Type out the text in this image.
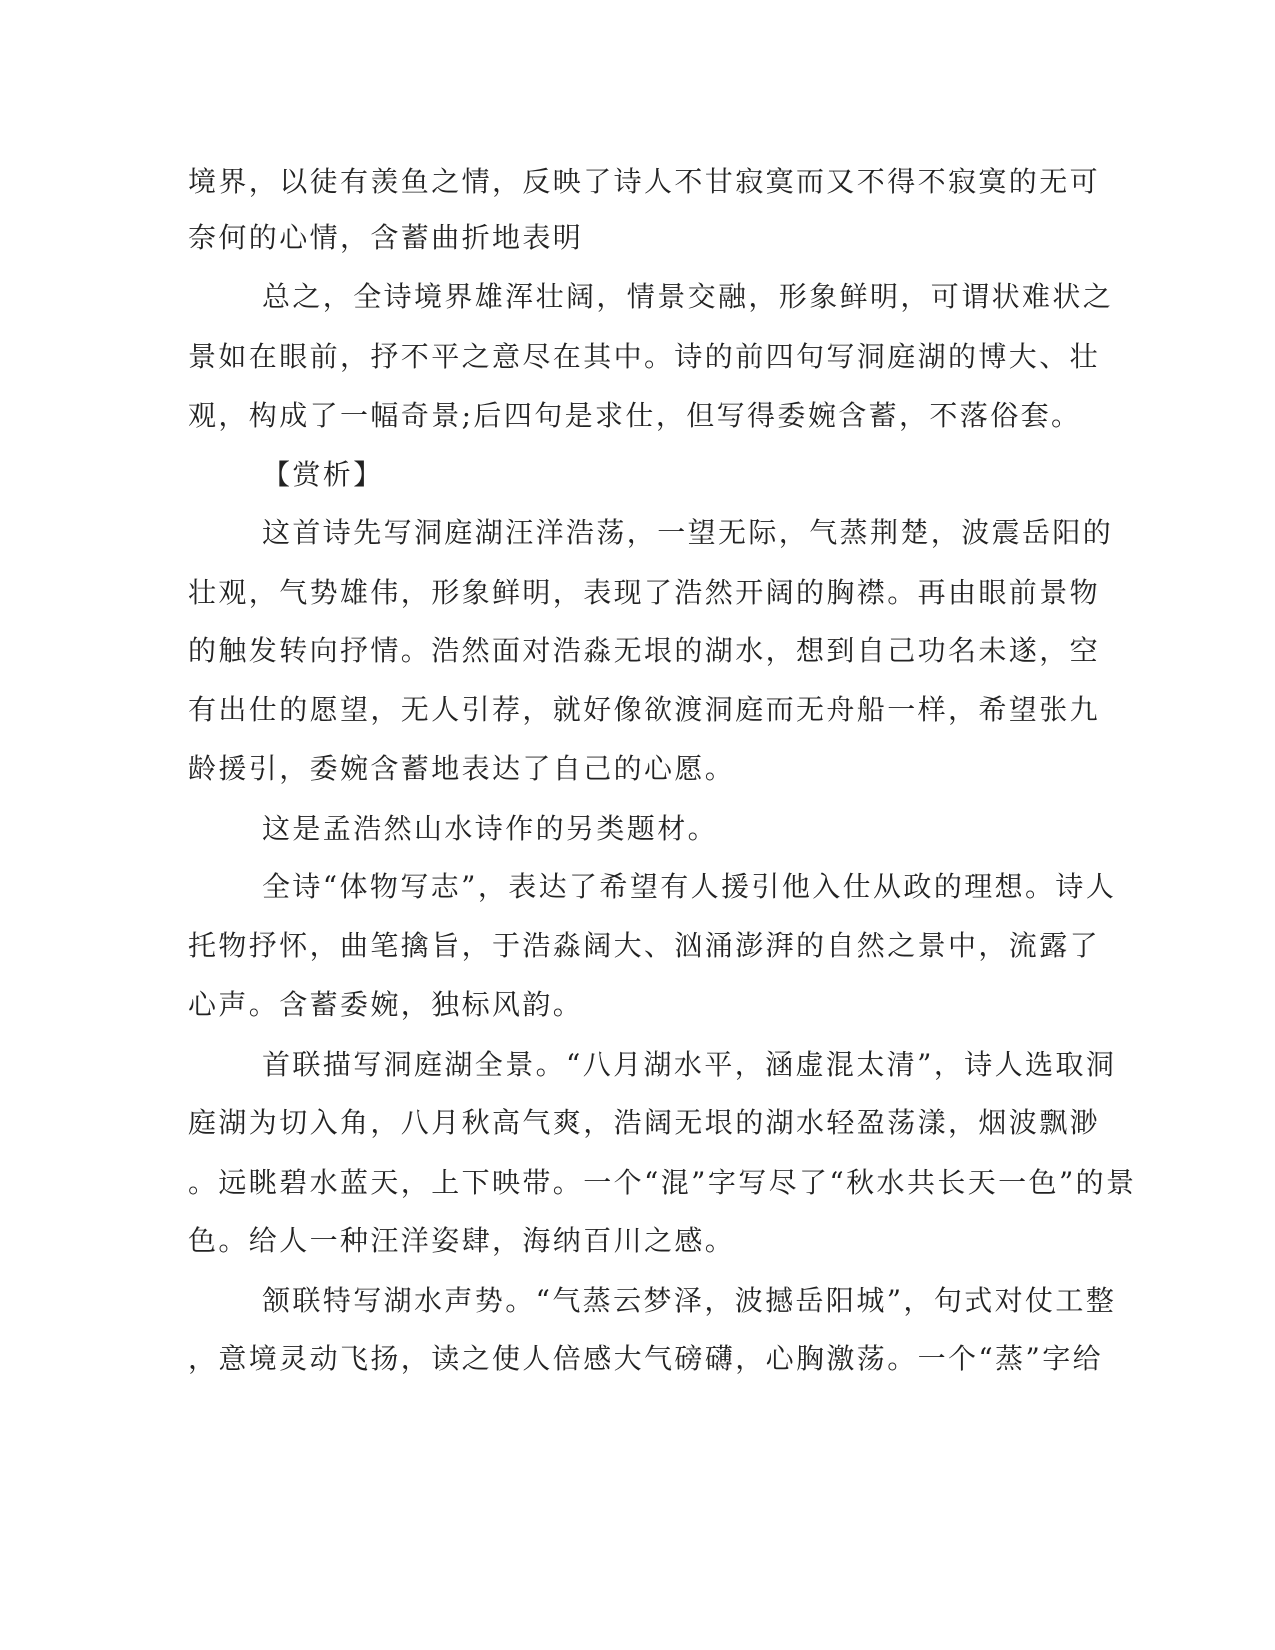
境界，以徒有羡鱼之情，反映了诗人不甘寂寞而又不得不寂寞的无可
奈何的心情，含蓄曲折地表明
总之，全诗境界雄浑壮阔，情景交融，形象鲜明，可谓状难状之
景如在眼前，抒不平之意尽在其中。诗的前四句写洞庭湖的博大、壮
观，构成了一幅奇景;后四句是求仕，但写得委婉含蓄，不落俗套。
【赏析】
这首诗先写洞庭湖汪洋浩荡，一望无际，气蒸荆楚，波震岳阳的
壮观，气势雄伟，形象鲜明，表现了浩然开阔的胸襟。再由眼前景物
的触发转向抒情。浩然面对浩淼无垠的湖水，想到自己功名未遂，空
有出仕的愿望，无人引荐，就好像欲渡洞庭而无舟船一样，希望张九
龄援引，委婉含蓄地表达了自己的心愿。
这是孟浩然山水诗作的另类题材。
全诗“体物写志”，表达了希望有人援引他入仕从政的理想。诗人
托物抒怀，曲笔擒旨，于浩淼阔大、汹涌澎湃的自然之景中，流露了
心声。含蓄委婉，独标风韵。
首联描写洞庭湖全景。“八月湖水平，涵虚混太清”，诗人选取洞
庭湖为切入角，八月秋高气爽，浩阔无垠的湖水轻盈荡漾，烟波飘渺
。远眺碧水蓝天，上下映带。一个“混”字写尽了“秋水共长天一色”的景
色。给人一种汪洋姿肆，海纳百川之感。
颔联特写湖水声势。“气蒸云梦泽，波撼岳阳城”，句式对仗工整
，意境灵动飞扬，读之使人倍感大气磅礴，心胸激荡。一个“蒸”字给
